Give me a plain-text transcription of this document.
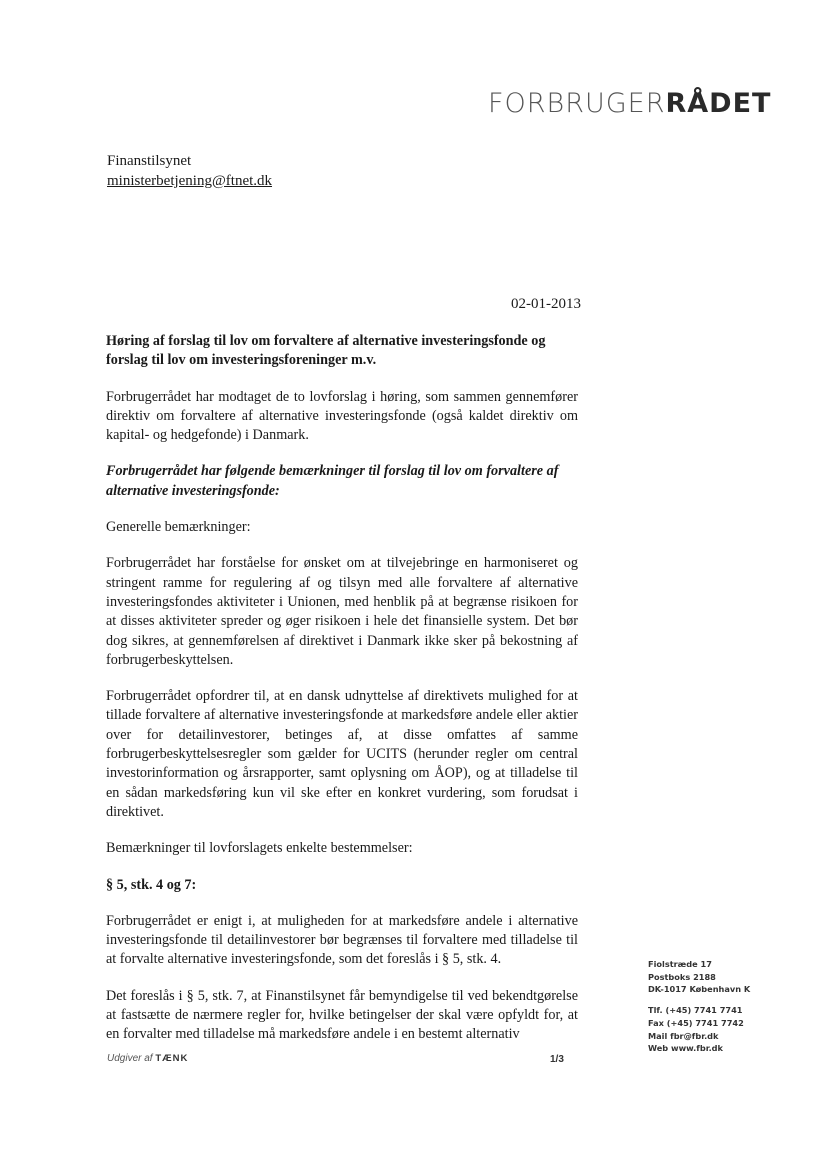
FORBRUGERRÅDET
Finanstilsynet
ministerbetjening@ftnet.dk
02-01-2013

Høring af forslag til lov om forvaltere af alternative investeringsfonde og forslag til lov om investeringsforeninger m.v.

Forbrugerrådet har modtaget de to lovforslag i høring, som sammen gennemfører direktiv om forvaltere af alternative investeringsfonde (også kaldet direktiv om kapital- og hedgefonde) i Danmark.

Forbrugerrådet har følgende bemærkninger til forslag til lov om forvaltere af alternative investeringsfonde:

Generelle bemærkninger:

Forbrugerrådet har forståelse for ønsket om at tilvejebringe en harmoniseret og stringent ramme for regulering af og tilsyn med alle forvaltere af alternative investeringsfondes aktiviteter i Unionen, med henblik på at begrænse risikoen for at disses aktiviteter spreder og øger risikoen i hele det finansielle system. Det bør dog sikres, at gennemførelsen af direktivet i Danmark ikke sker på bekostning af forbrugerbeskyttelsen.

Forbrugerrådet opfordrer til, at en dansk udnyttelse af direktivets mulighed for at tillade forvaltere af alternative investeringsfonde at markedsføre andele eller aktier over for detailinvestorer, betinges af, at disse omfattes af samme forbrugerbeskyttelsesregler som gælder for UCITS (herunder regler om central investorinformation og årsrapporter, samt oplysning om ÅOP), og at tilladelse til en sådan markedsføring kun vil ske efter en konkret vurdering, som forudsat i direktivet.

Bemærkninger til lovforslagets enkelte bestemmelser:

§ 5, stk. 4 og 7:

Forbrugerrådet er enigt i, at muligheden for at markedsføre andele i alternative investeringsfonde til detailinvestorer bør begrænses til forvaltere med tilladelse til at forvalte alternative investeringsfonde, som det foreslås i § 5, stk. 4.

Det foreslås i § 5, stk. 7, at Finanstilsynet får bemyndigelse til ved bekendtgørelse at fastsætte de nærmere regler for, hvilke betingelser der skal være opfyldt for, at en forvalter med tilladelse må markedsføre andele i en bestemt alternativ

Fiolstræde 17
Postboks 2188
DK-1017 København K
Tlf. (+45) 7741 7741
Fax (+45) 7741 7742
Mail fbr@fbr.dk
Web www.fbr.dk
Udgiver af TÆNK	1/3
